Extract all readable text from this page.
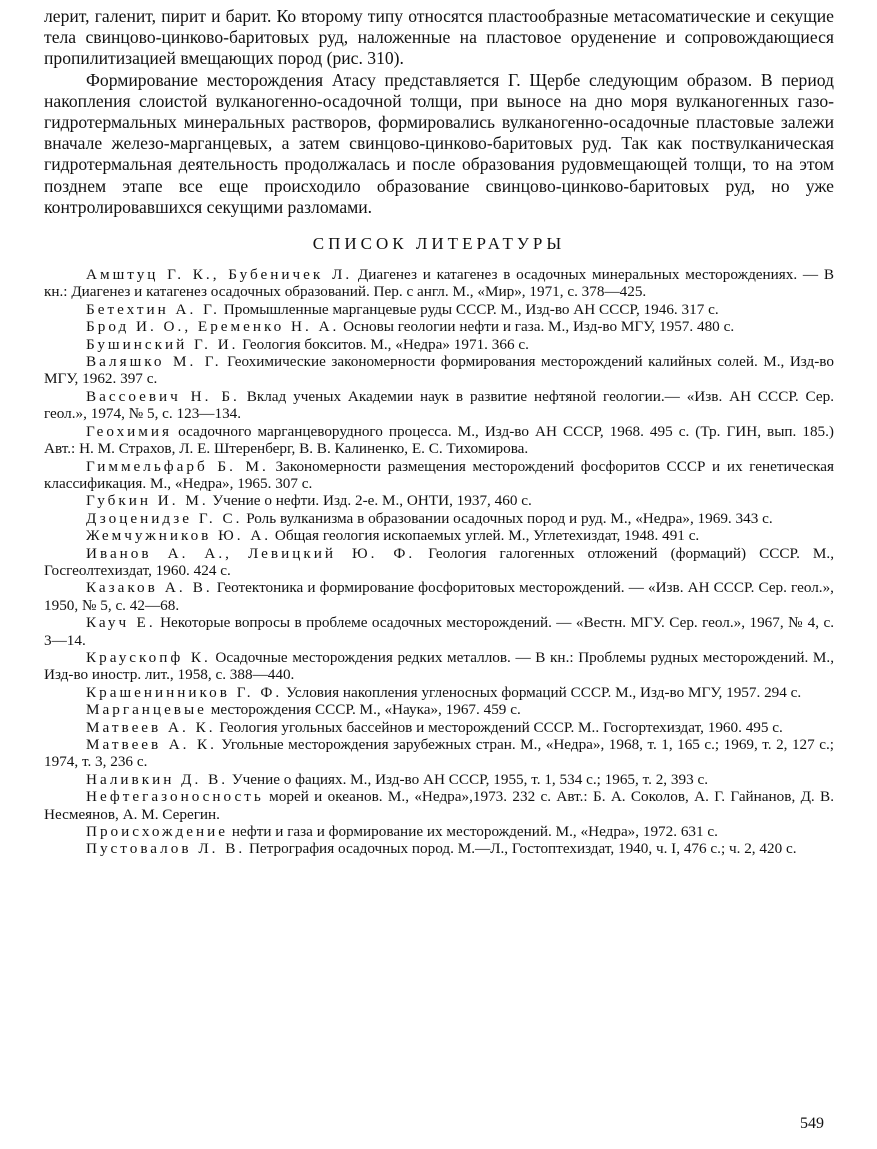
лерит, галенит, пирит и барит. Ко второму типу относятся пластообразные метасоматические и секущие тела свинцово-цинково-баритовых руд, наложенные на пластовое оруденение и сопровождающиеся пропилитизацией вмещающих пород (рис. 310).

Формирование месторождения Атасу представляется Г. Щербе следующим образом. В период накопления слоистой вулканогенно-осадочной толщи, при выносе на дно моря вулканогенных газо-гидротермальных минеральных растворов, формировались вулканогенно-осадочные пластовые залежи вначале железо-марганцевых, а затем свинцово-цинково-баритовых руд. Так как поствулканическая гидротермальная деятельность продолжалась и после образования рудовмещающей толщи, то на этом позднем этапе все еще происходило образование свинцово-цинково-баритовых руд, но уже контролировавшихся секущими разломами.

СПИСОК ЛИТЕРАТУРЫ

Амштуц Г. К., Бубеничек Л. Диагенез и катагенез в осадочных минеральных месторождениях. — В кн.: Диагенез и катагенез осадочных образований. Пер. с англ. М., «Мир», 1971, с. 378—425.

Бетехтин А. Г. Промышленные марганцевые руды СССР. М., Изд-во АН СССР, 1946. 317 с.

Брод И. О., Еременко Н. А. Основы геологии нефти и газа. М., Изд-во МГУ, 1957. 480 с.

Бушинский Г. И. Геология бокситов. М., «Недра» 1971. 366 с.

Валяшко М. Г. Геохимические закономерности формирования месторождений калийных солей. М., Изд-во МГУ, 1962. 397 с.

Вассоевич Н. Б. Вклад ученых Академии наук в развитие нефтяной геологии.— «Изв. АН СССР. Сер. геол.», 1974, № 5, с. 123—134.

Геохимия осадочного марганцеворудного процесса. М., Изд-во АН СССР, 1968. 495 с. (Тр. ГИН, вып. 185.) Авт.: Н. М. Страхов, Л. Е. Штеренберг, В. В. Калиненко, Е. С. Тихомирова.

Гиммельфарб Б. М. Закономерности размещения месторождений фосфоритов СССР и их генетическая классификация. М., «Недра», 1965. 307 с.

Губкин И. М. Учение о нефти. Изд. 2-е. М., ОНТИ, 1937, 460 с.

Дзоценидзе Г. С. Роль вулканизма в образовании осадочных пород и руд. М., «Недра», 1969. 343 с.

Жемчужников Ю. А. Общая геология ископаемых углей. М., Углетехиздат, 1948. 491 с.

Иванов А. А., Левицкий Ю. Ф. Геология галогенных отложений (формаций) СССР. М., Госгеолтехиздат, 1960. 424 с.

Казаков А. В. Геотектоника и формирование фосфоритовых месторождений. — «Изв. АН СССР. Сер. геол.», 1950, № 5, с. 42—68.

Кауч Е. Некоторые вопросы в проблеме осадочных месторождений. — «Вестн. МГУ. Сер. геол.», 1967, № 4, с. 3—14.

Краускопф К. Осадочные месторождения редких металлов. — В кн.: Проблемы рудных месторождений. М., Изд-во иностр. лит., 1958, с. 388—440.

Крашенинников Г. Ф. Условия накопления угленосных формаций СССР. М., Изд-во МГУ, 1957. 294 с.

Марганцевые месторождения СССР. М., «Наука», 1967. 459 с.

Матвеев А. К. Геология угольных бассейнов и месторождений СССР. М.. Госгортехиздат, 1960. 495 с.

Матвеев А. К. Угольные месторождения зарубежных стран. М., «Недра», 1968, т. 1, 165 с.; 1969, т. 2, 127 с.; 1974, т. 3, 236 с.

Наливкин Д. В. Учение о фациях. М., Изд-во АН СССР, 1955, т. 1, 534 с.; 1965, т. 2, 393 с.

Нефтегазоносность морей и океанов. М., «Недра»,1973. 232 с. Авт.: Б. А. Соколов, А. Г. Гайнанов, Д. В. Несмеянов, А. М. Серегин.

Происхождение нефти и газа и формирование их месторождений. М., «Недра», 1972. 631 с.

Пустовалов Л. В. Петрография осадочных пород. М.—Л., Гостоптехиздат, 1940, ч. I, 476 с.; ч. 2, 420 с.

549
